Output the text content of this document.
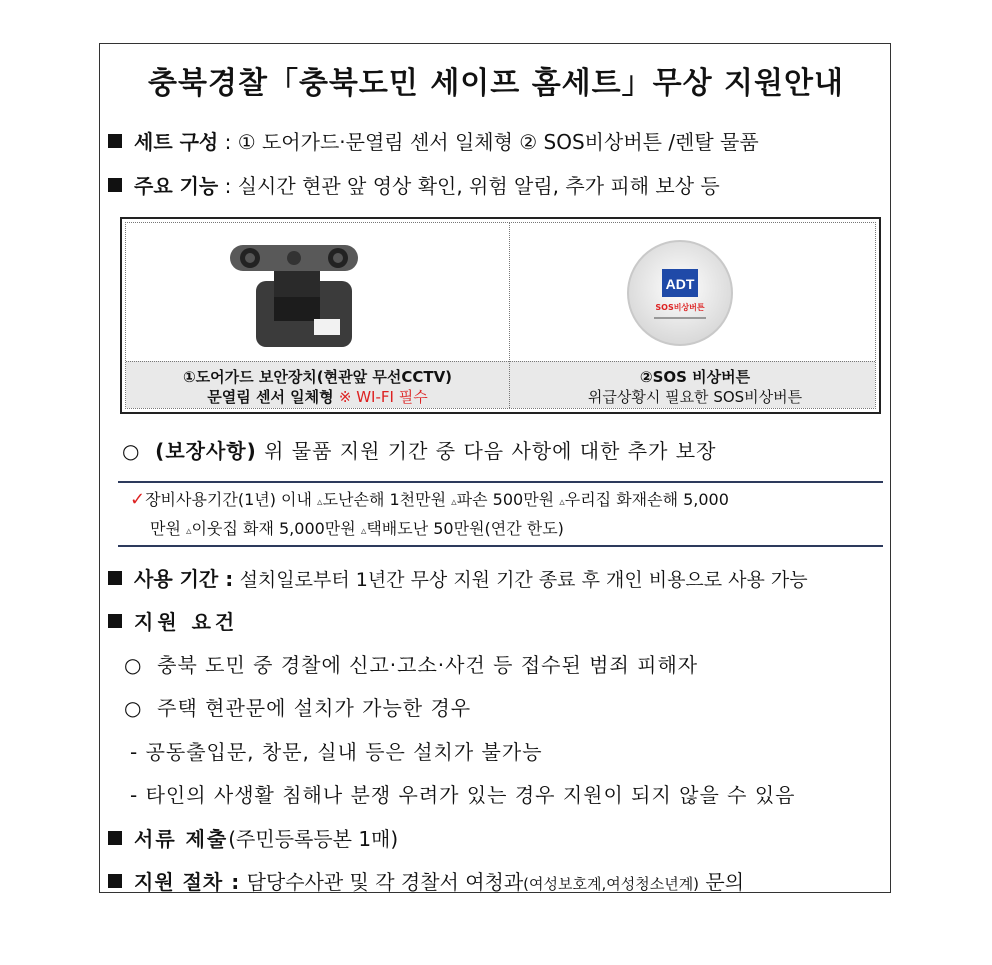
충북경찰「충북도민 세이프 홈세트」무상 지원안내
세트 구성 : ① 도어가드·문열림 센서 일체형 ② SOS비상버튼 /렌탈 물품
주요 기능 : 실시간 현관 앞 영상 확인, 위험 알림, 추가 피해 보상 등
ADT
SOS비상버튼
①도어가드 보안장치(현관앞 무선CCTV)
문열림 센서 일체형 ※ WI-FI 필수
②SOS 비상버튼
위급상황시 필요한 SOS비상버튼
○ (보장사항) 위 물품 지원 기간 중 다음 사항에 대한 추가 보장
✓장비사용기간(1년) 이내 ▵도난손해 1천만원 ▵파손 500만원 ▵우리집 화재손해 5,000
만원 ▵이웃집 화재 5,000만원 ▵택배도난 50만원(연간 한도)
사용 기간 : 설치일로부터 1년간 무상 지원 기간 종료 후 개인 비용으로 사용 가능
지원 요건
○ 충북 도민 중 경찰에 신고·고소·사건 등 접수된 범죄 피해자
○ 주택 현관문에 설치가 가능한 경우
- 공동출입문, 창문, 실내 등은 설치가 불가능
- 타인의 사생활 침해나 분쟁 우려가 있는 경우 지원이 되지 않을 수 있음
서류 제출(주민등록등본 1매)
지원 절차 : 담당수사관 및 각 경찰서 여청과(여성보호계,여성청소년계) 문의
